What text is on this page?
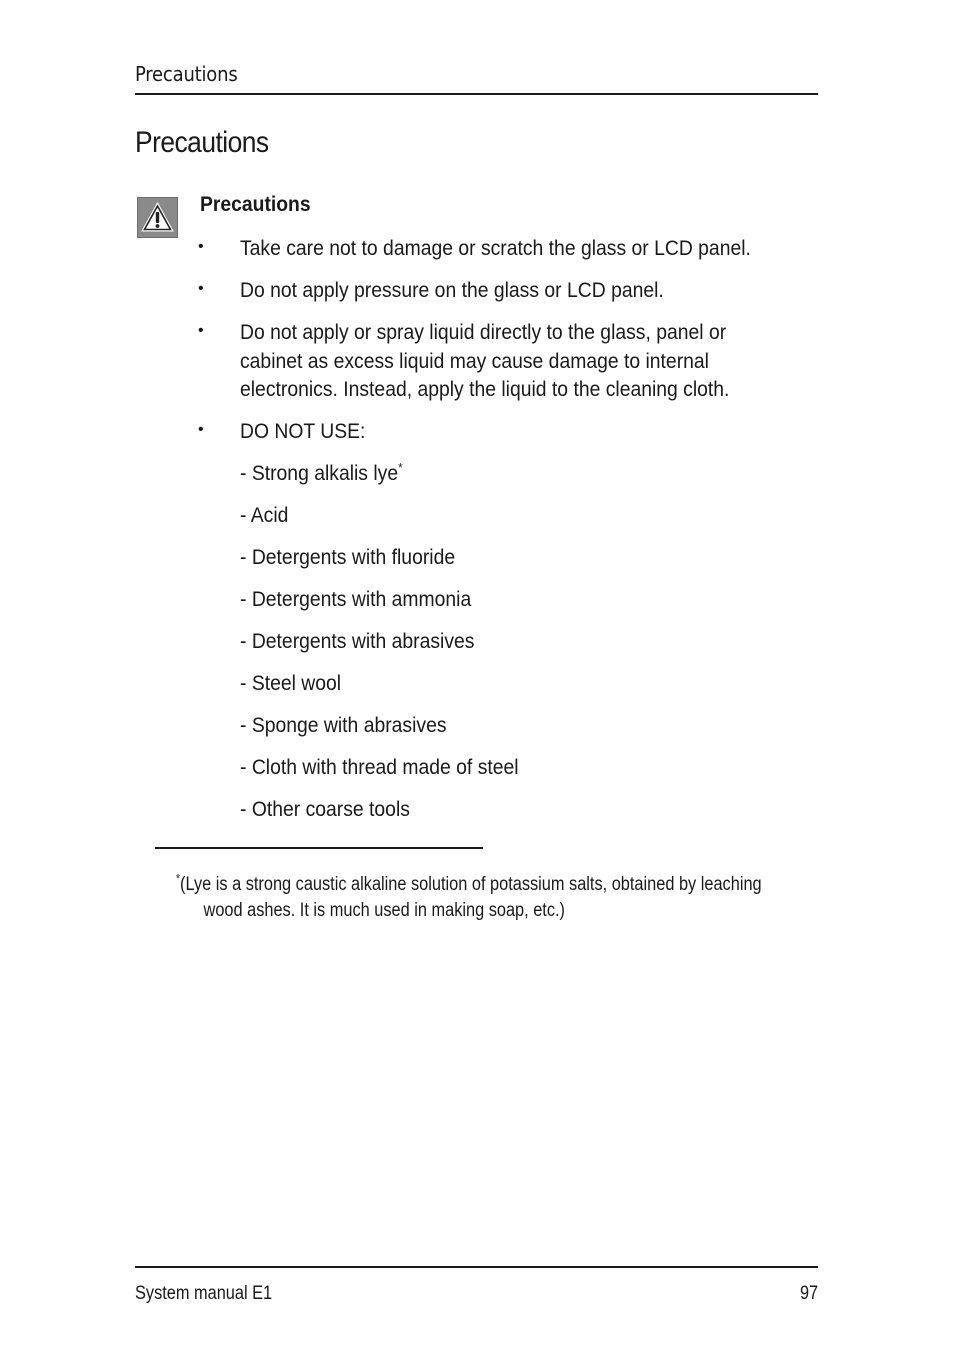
Precautions
Precautions
Precautions
• Take care not to damage or scratch the glass or LCD panel.
• Do not apply pressure on the glass or LCD panel.
• Do not apply or spray liquid directly to the glass, panel or
cabinet as excess liquid may cause damage to internal
electronics. Instead, apply the liquid to the cleaning cloth.
• DO NOT USE:
- Strong alkalis lye*
- Acid
- Detergents with fluoride
- Detergents with ammonia
- Detergents with abrasives
- Steel wool
- Sponge with abrasives
- Cloth with thread made of steel
- Other coarse tools
*(Lye is a strong caustic alkaline solution of potassium salts, obtained by leaching
wood ashes. It is much used in making soap, etc.)
System manual E1	97
